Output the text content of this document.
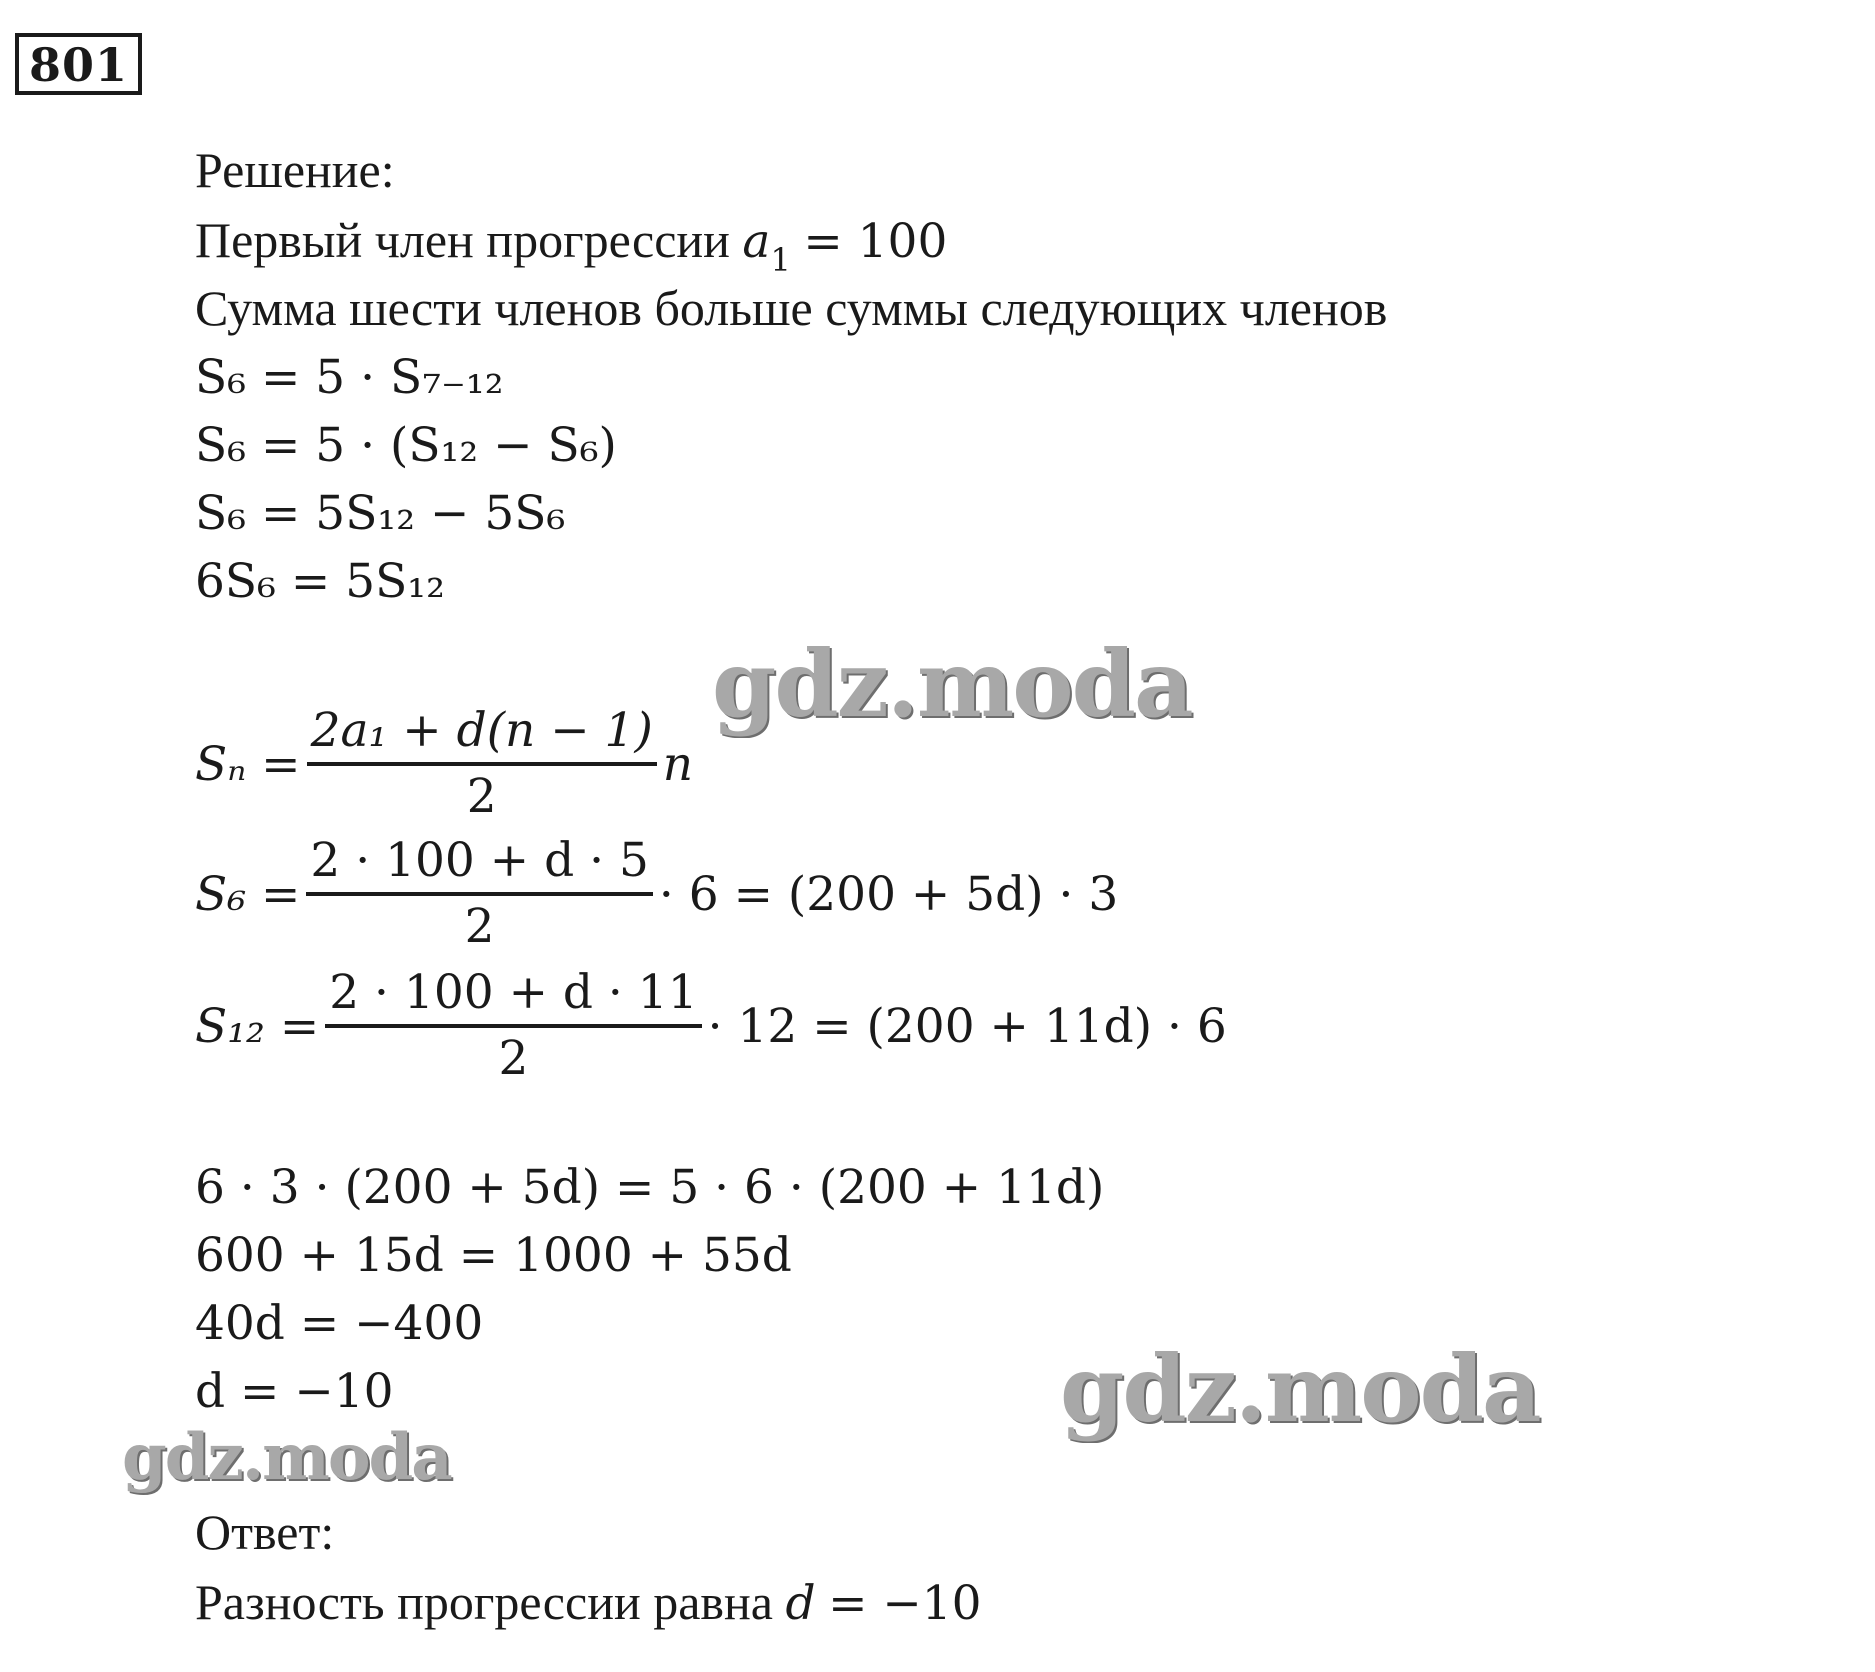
801
Решение:
Первый член прогрессии $a_1 = 100$
Сумма шести членов больше суммы следующих членов
S₆ = 5 · S₇₋₁₂
S₆ = 5 · (S₁₂ − S₆)
S₆ = 5S₁₂ − 5S₆
6S₆ = 5S₁₂
$S_n = \frac{\text{2a₁ + d(n − 1)}}{2}$ n
$S_6 = \frac{2 \cdot 100 + d \cdot 5}{2} \cdot 6 = (200 + 5d) \cdot 3$
$S_{12} = \frac{2 \cdot 100 + d \cdot 11}{2} \cdot 12 = (200 + 11d) \cdot 6$
6 · 3 · (200 + 5d) = 5 · 6 · (200 + 11d)
600 + 15d = 1000 + 55d
40d = −400
d = −10
Ответ:
Разность прогрессии равна d = −10
gdz.moda
gdz.moda
gdz.moda
